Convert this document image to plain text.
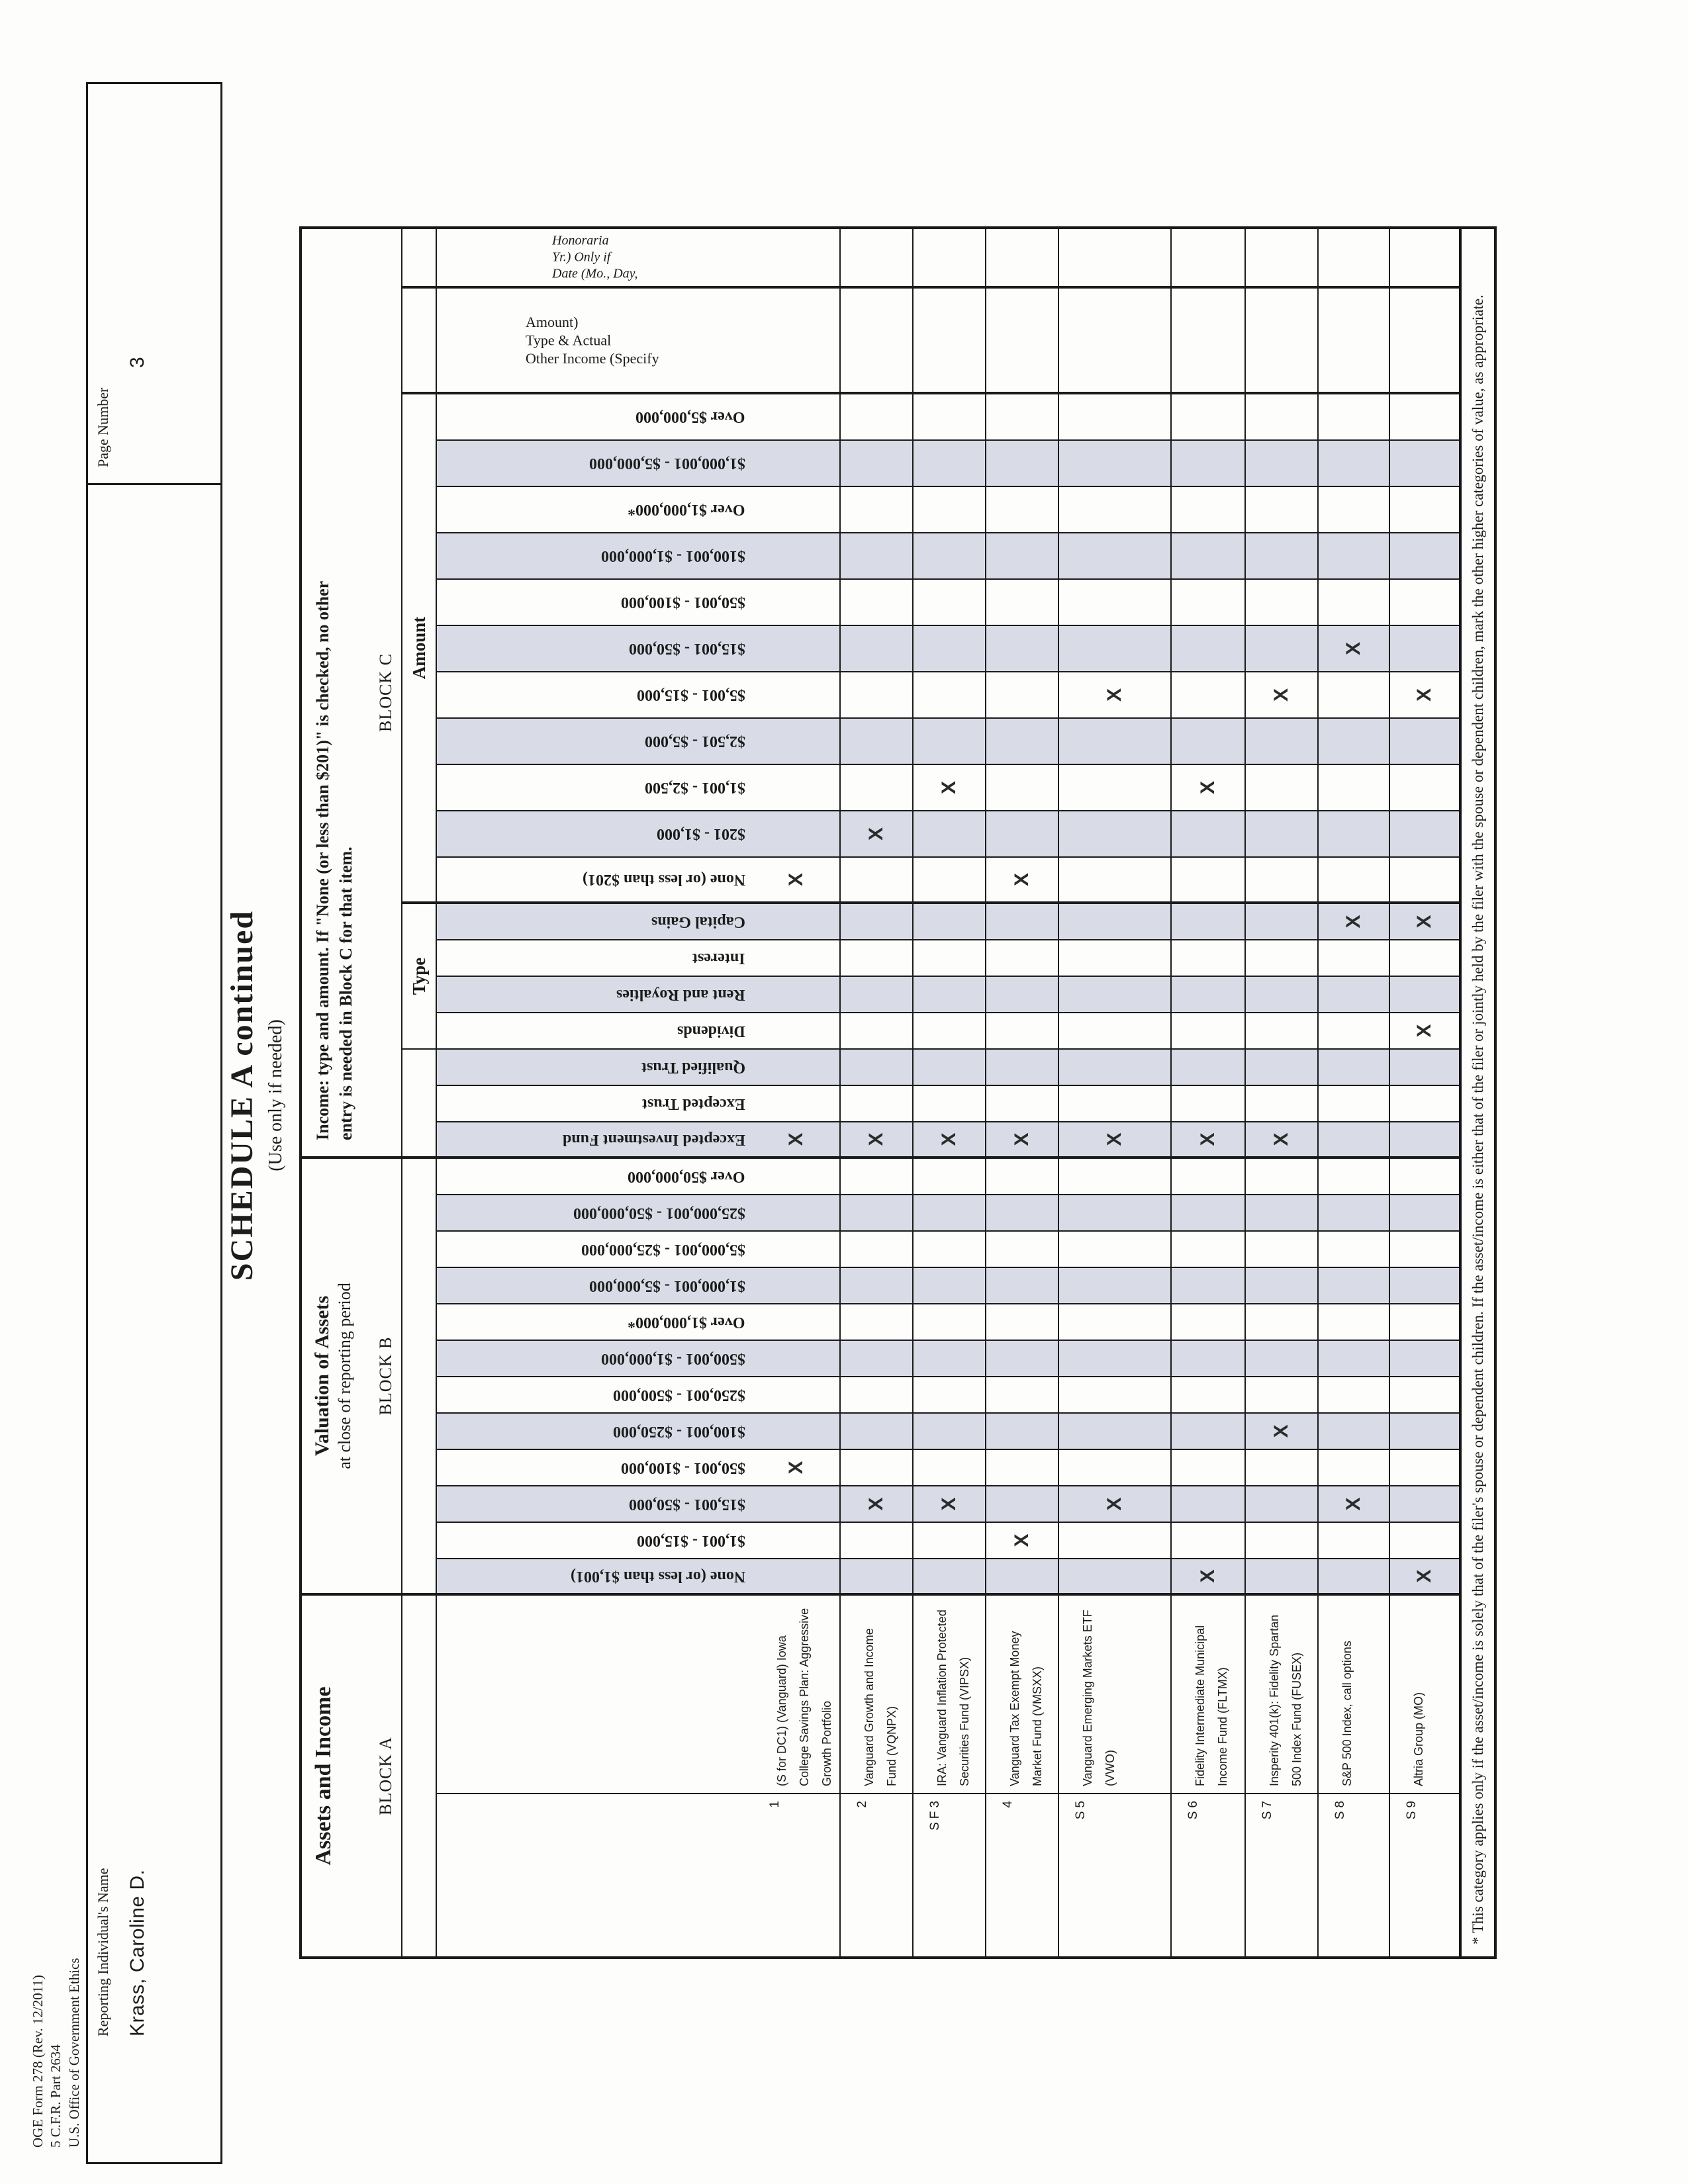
OGE Form 278 (Rev. 12/2011) 5 C.F.R. Part 2634 U.S. Office of Government Ethics
Reporting Individual's Name Krass, Caroline D.
Page Number
3
SCHEDULE A continued (Use only if needed)
Assets and Income BLOCK A
Valuation of Assets at close of reporting period BLOCK B
Income: type and amount. If "None (or less than $201)" is checked, no other entry is needed in Block C for that item.
BLOCK C
Type
Amount
None (or less than $1,001)
$1,001 - $15,000
$15,001 - $50,000
$50,001 - $100,000
$100,001 - $250,000
$250,001 - $500,000
$500,001 - $1,000,000
Over $1,000,000*
$1,000,001 - $5,000,000
$5,000,001 - $25,000,000
$25,000,001 - $50,000,000
Over $50,000,000
Excepted Investment Fund
Excepted Trust
Qualified Trust
Dividends
Rent and Royalties
Interest
Capital Gains
None (or less than $201)
$201 - $1,000
$1,001 - $2,500
$2,501 - $5,000
$5,001 - $15,000
$15,001 - $50,000
$50,001 - $100,000
$100,001 - $1,000,000
Over $1,000,000*
$1,000,001 - $5,000,000
Over $5,000,000
Other Income (Specify Type & Actual Amount)
Date (Mo., Day, Yr.) Only if Honoraria
1
(S for DC1) (Vanguard) Iowa College Savings Plan: Aggressive Growth Portfolio
X
X
X
2
Vanguard Growth and Income Fund (VQNPX)
X
X
X
3
F
S
IRA: Vanguard Inflation Protected Securities Fund (VIPSX)
X
X
X
4
Vanguard Tax Exempt Money Market Fund (VMSXX)
X
X
X
5
S
Vanguard Emerging Markets ETF (VWO)
X
X
X
6
S
Fidelity Intermediate Municipal Income Fund (FLTMX)
X
X
X
7
S
Insperity 401(k): Fidelity Spartan 500 Index Fund (FUSEX)
X
X
X
8
S
S&P 500 Index, call options
X
X
X
9
S
Altria Group (MO)
X
X
X
X	* This category applies only if the asset/income is solely that of the filer's spouse or dependent children. If the asset/income is either that of the filer or jointly held by the filer with the spouse or dependent children, mark the other higher categories of value, as appropriate.
